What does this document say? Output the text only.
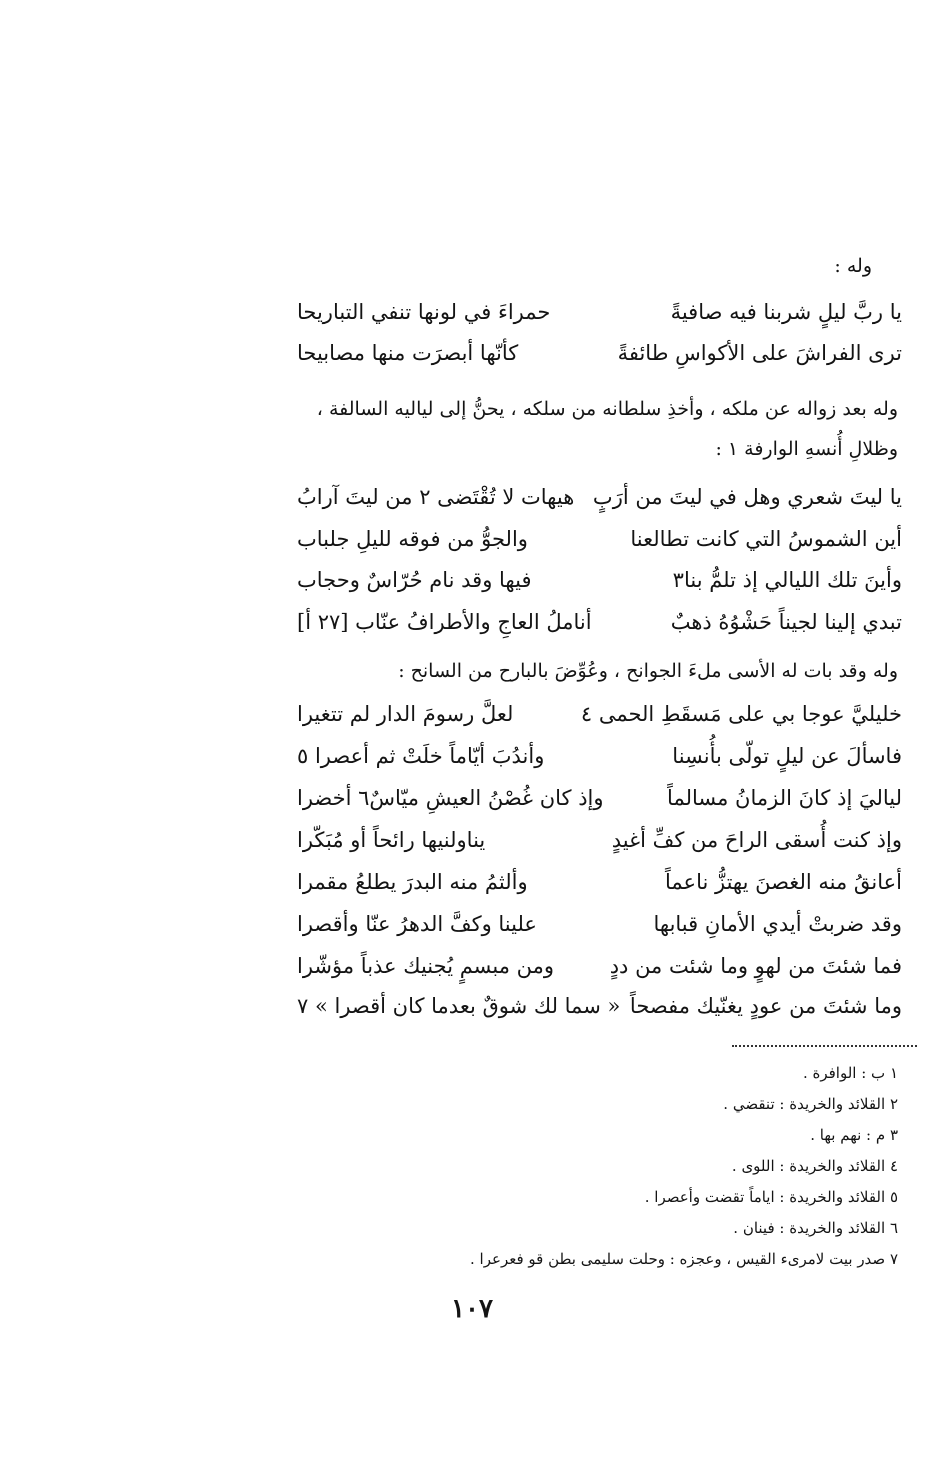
وله :
يا ربَّ ليلٍ شربنا فيه صافيةً
حمراءَ في لونها تنفي التباريحا
ترى الفراشَ على الأكواسِ طائفةً
كأنّها أبصرَت منها مصابيحا
وله بعد زواله عن ملكه ، وأخذِ سلطانه من سلكه ، يحنُّ إلى لياليه السالفة ،
وظلالِ أُنسهِ الوارفة ١ :
يا ليتَ شعري وهل في ليتَ من أرَبٍ
هيهات لا تُقْتَضى ٢ من ليتَ آرابُ
أين الشموسُ التي كانت تطالعنا
والجوُّ من فوقه لليلِ جلباب
وأينَ تلك الليالي إذ تلمُّ بنا٣
فيها وقد نام حُرّاسٌ وحجاب
تبدي إلينا لجيناً حَشْوُهُ ذهبٌ
أناملُ العاجِ والأطرافُ عنّاب [٢٧ أ]
وله وقد بات له الأسى ملءَ الجوانح ، وعُوِّضَ بالبارح من السانح :
خليليَّ عوجا بي على مَسقَطِ الحمى ٤
لعلَّ رسومَ الدار لم تتغيرا
فاسألَ عن ليلٍ تولّى بأُنسِنا
وأندُبَ أيّاماً خلَتْ ثم أعصرا ٥
لياليَ إذ كانَ الزمانُ مسالماً
وإذ كان غُصْنُ العيشِ ميّاسٌ٦ أخضرا
وإذ كنت أُسقى الراحَ من كفِّ أغيدٍ
يناولنيها رائحاً أو مُبَكّرا
أعانقُ منه الغصنَ يهتزُّ ناعماً
وألثمُ منه البدرَ يطلعُ مقمرا
وقد ضربتْ أيدي الأمانِ قبابها
علينا وكفَّ الدهرُ عنّا وأقصرا
فما شئتَ من لهوٍ وما شئت من ددٍ
ومن مبسمٍ يُجنيك عذباً مؤشّرا
وما شئتَ من عودٍ يغنّيك مفصحاً
« سما لك شوقٌ بعدما كان أقصرا » ٧
١ ب : الوافرة .
٢ القلائد والخريدة : تنقضي .
٣ م : نهم بها .
٤ القلائد والخريدة : اللوى .
٥ القلائد والخريدة : اياماً تقضت وأعصرا .
٦ القلائد والخريدة : فينان .
٧ صدر بيت لامرىء القيس ، وعجزه : وحلت سليمى بطن قو فعرعرا .
١٠٧
